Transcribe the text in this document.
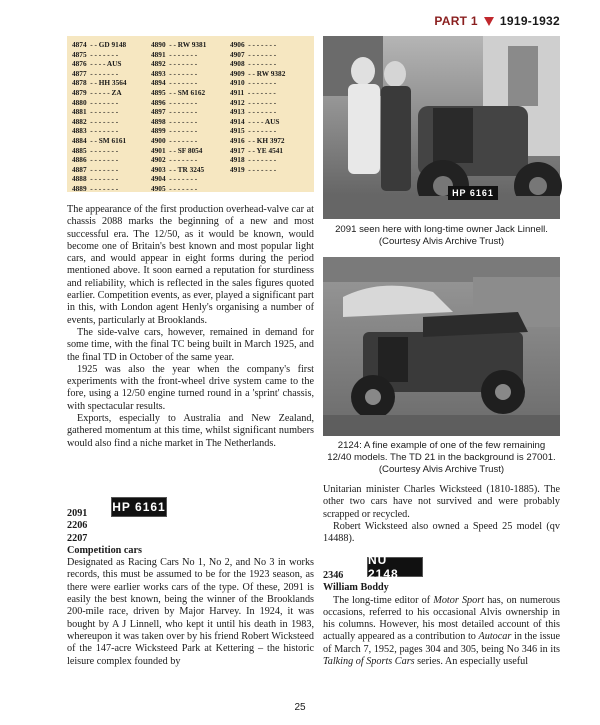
PART 1 1919-1932
4874  - - GD 9148
4875  - - - - - - -
4876  - - - - AUS
4877  - - - - - - -
4878  - - HH 3564
4879  - - - - - ZA
4880  - - - - - - -
4881  - - - - - - -
4882  - - - - - - -
4883  - - - - - - -
4884  - - SM 6161
4885  - - - - - - -
4886  - - - - - - -
4887  - - - - - - -
4888  - - - - - - -
4889  - - - - - - -
4890  - - RW 9381
4891  - - - - - - -
4892  - - - - - - -
4893  - - - - - - -
4894  - - - - - - -
4895  - - SM 6162
4896  - - - - - - -
4897  - - - - - - -
4898  - - - - - - -
4899  - - - - - - -
4900  - - - - - - -
4901  - - SF 8054
4902  - - - - - - -
4903  - - TR 3245
4904  - - - - - - -
4905  - - - - - - -
4906  - - - - - - -
4907  - - - - - - -
4908  - - - - - - -
4909  - - RW 9382
4910  - - - - - - -
4911  - - - - - - -
4912  - - - - - - -
4913  - - - - - - -
4914  - - - - AUS
4915  - - - - - - -
4916  - - KH 3972
4917  - - YE 4541
4918  - - - - - - -
4919  - - - - - - -
HP 6161
2091 seen here with long-time owner Jack Linnell. (Courtesy Alvis Archive Trust)
2124: A fine example of one of the few remaining 12/40 models. The TD 21 in the background is 27001. (Courtesy Alvis Archive Trust)

The appearance of the first production overhead-valve car at chassis 2088 marks the beginning of a new and most successful era. The 12/50, as it would be known, would become one of Britain's best known and most popular light cars, and would appear in eight forms during the period mentioned above. It soon earned a reputation for sturdiness and reliability, which is reflected in the sales figures quoted earlier. Competition events, as ever, played a significant part in this, with London agent Henly's organising a number of events, particularly at Brooklands.

The side-valve cars, however, remained in demand for some time, with the final TC being built in March 1925, and the final TD in October of the same year.

1925 was also the year when the company's first experiments with the front-wheel drive system came to the fore, using a 12/50 engine turned round in a 'sprint' chassis, with spectacular results.

Exports, especially to Australia and New Zealand, gathered momentum at this time, whilst significant numbers would also find a niche market in The Netherlands.

HP 6161
2091
2206
2207
Competition cars

Designated as Racing Cars No 1, No 2, and No 3 in works records, this must be assumed to be for the 1923 season, as there were earlier works cars of the type. Of these, 2091 is easily the best known, being the winner of the Brooklands 200-mile race, driven by Major Harvey. In 1924, it was bought by A J Linnell, who kept it until his death in 1983, whereupon it was taken over by his friend Robert Wicksteed of the 147-acre Wicksteed Park at Kettering – the historic leisure complex founded by

Unitarian minister Charles Wicksteed (1810-1885). The other two cars have not survived and were probably scrapped or recycled.

Robert Wicksteed also owned a Speed 25 model (qv 14488).

NU 2148
2346
William Boddy

The long-time editor of Motor Sport has, on numerous occasions, referred to his occasional Alvis ownership in his columns. However, his most detailed account of this actually appeared as a contribution to Autocar in the issue of March 7, 1952, pages 304 and 305, being No 346 in its Talking of Sports Cars series. An especially useful

25
